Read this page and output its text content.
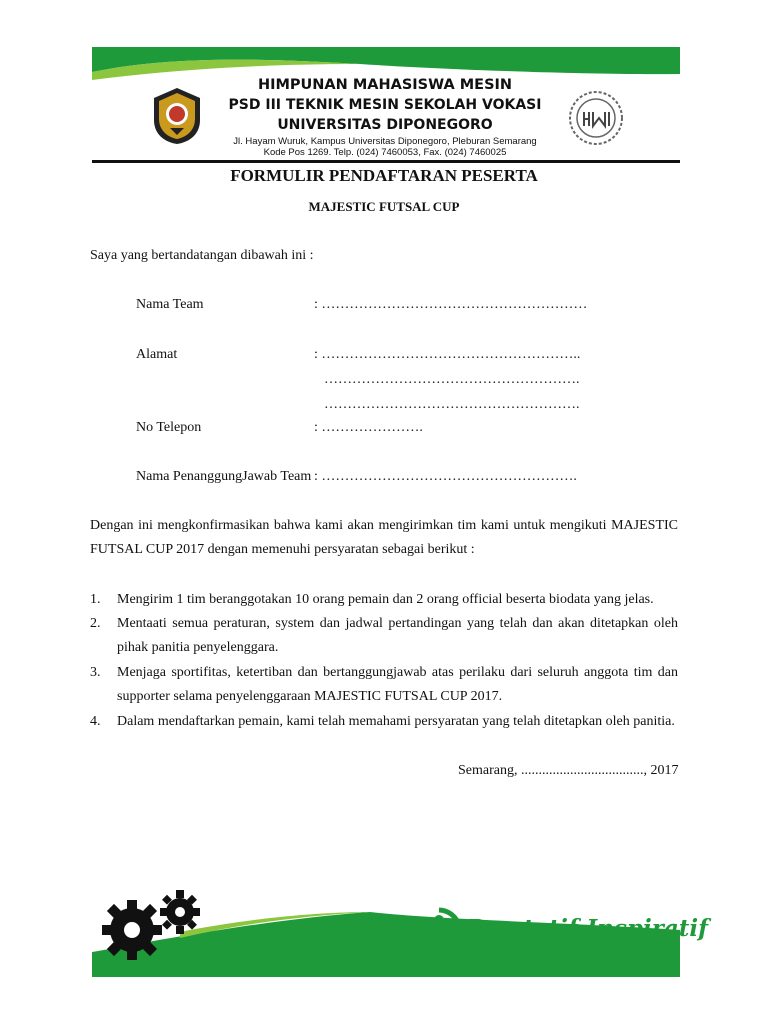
HIMPUNAN MAHASISWA MESIN
PSD III TEKNIK MESIN SEKOLAH VOKASI
UNIVERSITAS DIPONEGORO
Jl. Hayam Wuruk, Kampus Universitas Diponegoro, Pleburan Semarang
Kode Pos 1269. Telp. (024) 7460053, Fax. (024) 7460025
FORMULIR PENDAFTARAN PESERTA
MAJESTIC FUTSAL CUP
Saya yang bertandatangan dibawah ini :
Nama Team	: …………………………………………………
Alamat	: ………………………………………………..
……………………………………………….
……………………………………………….
No Telepon	: ………………….
Nama PenanggungJawab Team : ……………………………………………….
Dengan ini mengkonfirmasikan bahwa kami akan mengirimkan tim kami untuk mengikuti MAJESTIC FUTSAL CUP 2017 dengan memenuhi persyaratan sebagai berikut :
1. Mengirim 1 tim beranggotakan 10 orang pemain dan 2 orang official beserta biodata yang jelas.
2. Mentaati semua peraturan, system dan jadwal pertandingan yang telah dan akan ditetapkan oleh pihak panitia penyelenggara.
3. Menjaga sportifitas, ketertiban dan bertanggungjawab atas perilaku dari seluruh anggota tim dan supporter selama penyelenggaraan MAJESTIC FUTSAL CUP 2017.
4. Dalam mendaftarkan pemain, kami telah memahami persyaratan yang telah ditetapkan oleh panitia.
Semarang, ..................................., 2017
Prestatif-Inspiratif
